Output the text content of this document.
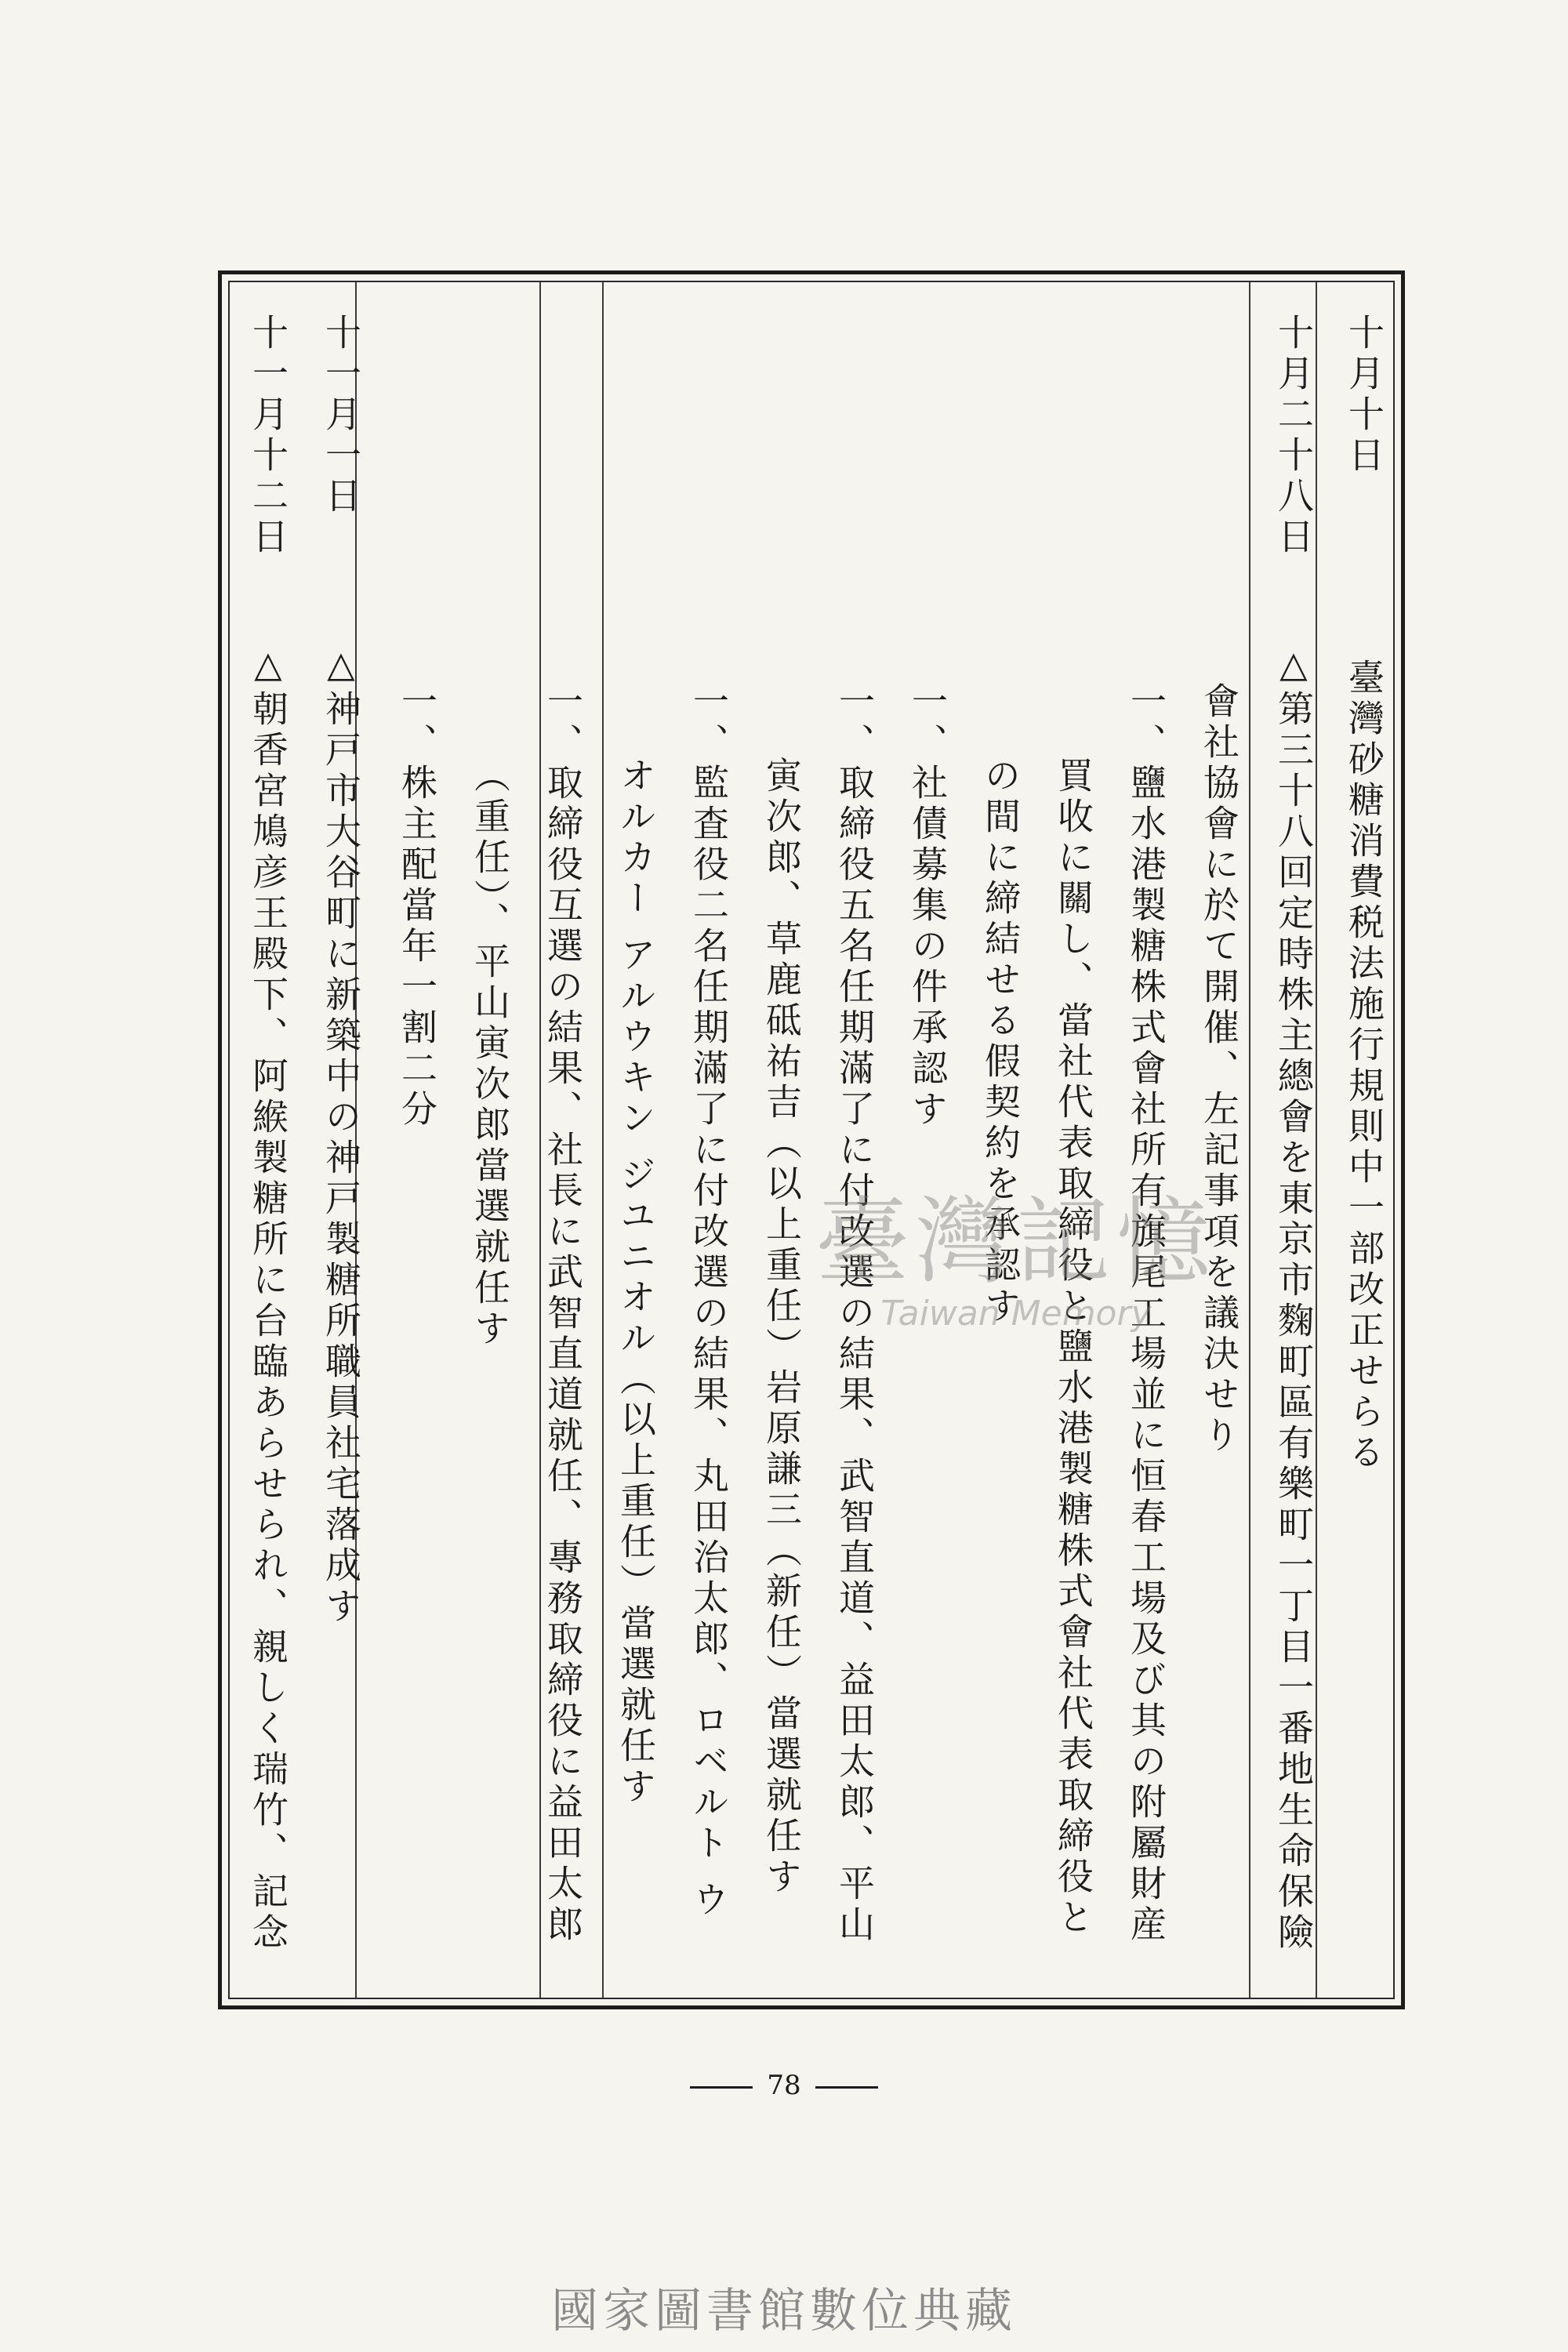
十月十日
臺灣砂糖消費税法施行規則中一部改正せらる
十月二十八日
△第三十八回定時株主總會を東京市麴町區有樂町一丁目一番地生命保險
會社協會に於て開催、左記事項を議決せり
一、鹽水港製糖株式會社所有旗尾工場並に恒春工場及び其の附屬財産
買收に關し、當社代表取締役と鹽水港製糖株式會社代表取締役と
の間に締結せる假契約を承認す
一、社債募集の件承認す
一、取締役五名任期滿了に付改選の結果、武智直道、益田太郎、平山
寅次郎、草鹿砥祐吉（以上重任）岩原謙三（新任）當選就任す
一、監査役二名任期滿了に付改選の結果、丸田治太郎、ロベルト ウ
オルカー アルウキン ジユニオル（以上重任）當選就任す
一、取締役互選の結果、社長に武智直道就任、專務取締役に益田太郎
（重任）、平山寅次郎當選就任す
一、株主配當年一割二分
十一月一日
△神戸市大谷町に新築中の神戸製糖所職員社宅落成す
十一月十二日
△朝香宮鳩彦王殿下、阿緱製糖所に台臨あらせられ、親しく瑞竹、記念	臺灣記憶
Taiwan Memory
78
國家圖書館數位典藏
